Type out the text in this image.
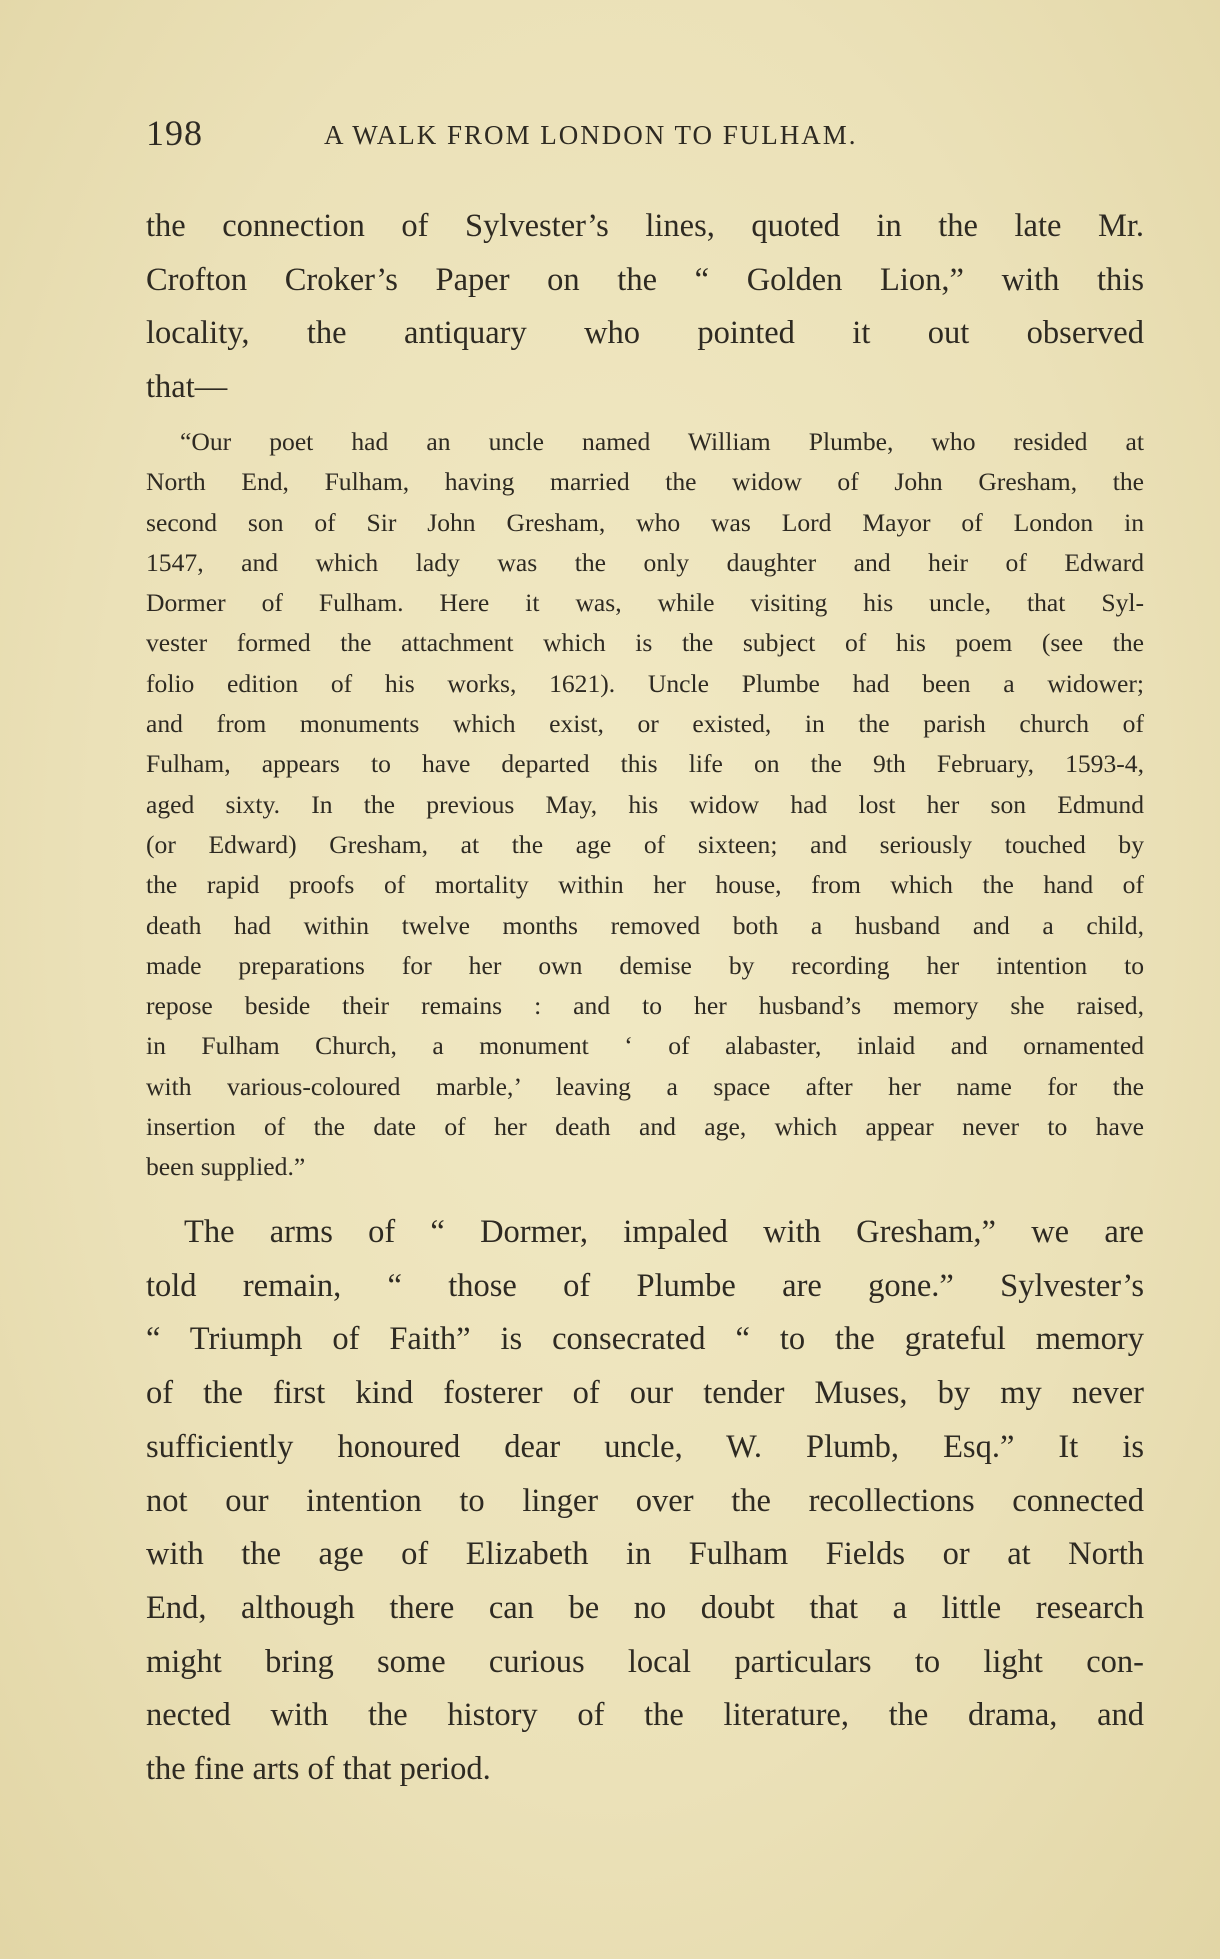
198	A WALK FROM LONDON TO FULHAM.
the connection of Sylvester’s lines, quoted in the late Mr.
Crofton Croker’s Paper on the “ Golden Lion,” with this
locality, the antiquary who pointed it out observed
that—
“Our poet had an uncle named William Plumbe, who resided at
North End, Fulham, having married the widow of John Gresham, the
second son of Sir John Gresham, who was Lord Mayor of London in
1547, and which lady was the only daughter and heir of Edward
Dormer of Fulham. Here it was, while visiting his uncle, that Syl-
vester formed the attachment which is the subject of his poem (see the
folio edition of his works, 1621). Uncle Plumbe had been a widower;
and from monuments which exist, or existed, in the parish church of
Fulham, appears to have departed this life on the 9th February, 1593-4,
aged sixty. In the previous May, his widow had lost her son Edmund
(or Edward) Gresham, at the age of sixteen; and seriously touched by
the rapid proofs of mortality within her house, from which the hand of
death had within twelve months removed both a husband and a child,
made preparations for her own demise by recording her intention to
repose beside their remains : and to her husband’s memory she raised,
in Fulham Church, a monument ‘ of alabaster, inlaid and ornamented
with various-coloured marble,’ leaving a space after her name for the
insertion of the date of her death and age, which appear never to have
been supplied.”
The arms of “ Dormer, impaled with Gresham,” we are
told remain, “ those of Plumbe are gone.” Sylvester’s
“ Triumph of Faith” is consecrated “ to the grateful memory
of the first kind fosterer of our tender Muses, by my never
sufficiently honoured dear uncle, W. Plumb, Esq.” It is
not our intention to linger over the recollections connected
with the age of Elizabeth in Fulham Fields or at North
End, although there can be no doubt that a little research
might bring some curious local particulars to light con-
nected with the history of the literature, the drama, and
the fine arts of that period.
